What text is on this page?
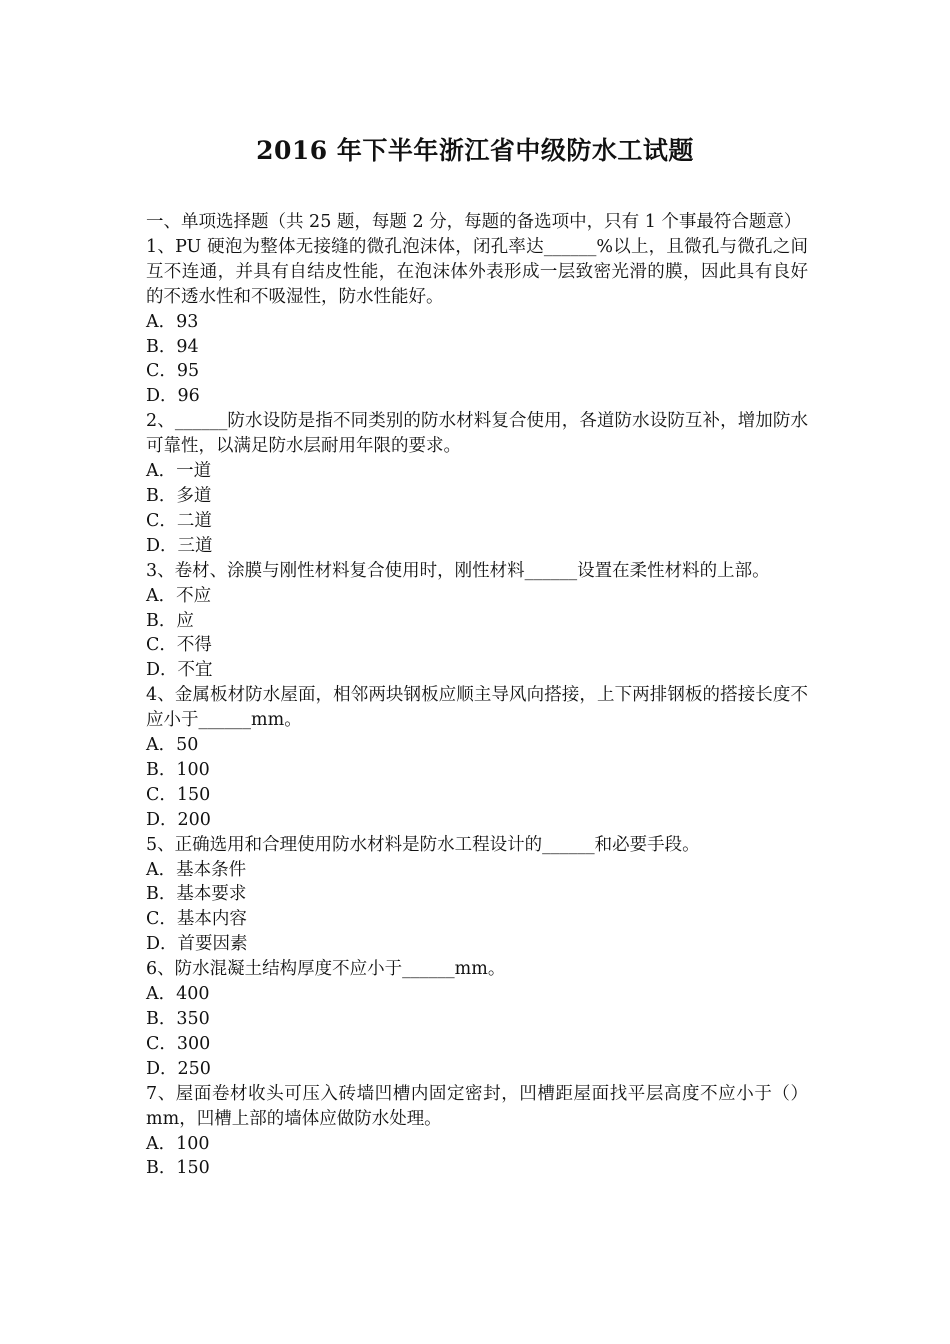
2016 年下半年浙江省中级防水工试题

一、单项选择题（共 25 题，每题 2 分，每题的备选项中，只有 1 个事最符合题意）

1、PU 硬泡为整体无接缝的微孔泡沫体，闭孔率达______%以上，且微孔与微孔之间互不连通，并具有自结皮性能，在泡沫体外表形成一层致密光滑的膜，因此具有良好的不透水性和不吸湿性，防水性能好。

A．93

B．94

C．95

D．96

2、______防水设防是指不同类别的防水材料复合使用，各道防水设防互补，增加防水可靠性，以满足防水层耐用年限的要求。

A．一道

B．多道

C．二道

D．三道

3、卷材、涂膜与刚性材料复合使用时，刚性材料______设置在柔性材料的上部。

A．不应

B．应

C．不得

D．不宜

4、金属板材防水屋面，相邻两块钢板应顺主导风向搭接，上下两排钢板的搭接长度不应小于______mm。

A．50

B．100

C．150

D．200

5、正确选用和合理使用防水材料是防水工程设计的______和必要手段。

A．基本条件

B．基本要求

C．基本内容

D．首要因素

6、防水混凝土结构厚度不应小于______mm。

A．400

B．350

C．300

D．250

7、屋面卷材收头可压入砖墙凹槽内固定密封，凹槽距屋面找平层高度不应小于（）mm，凹槽上部的墙体应做防水处理。

A．100

B．150
